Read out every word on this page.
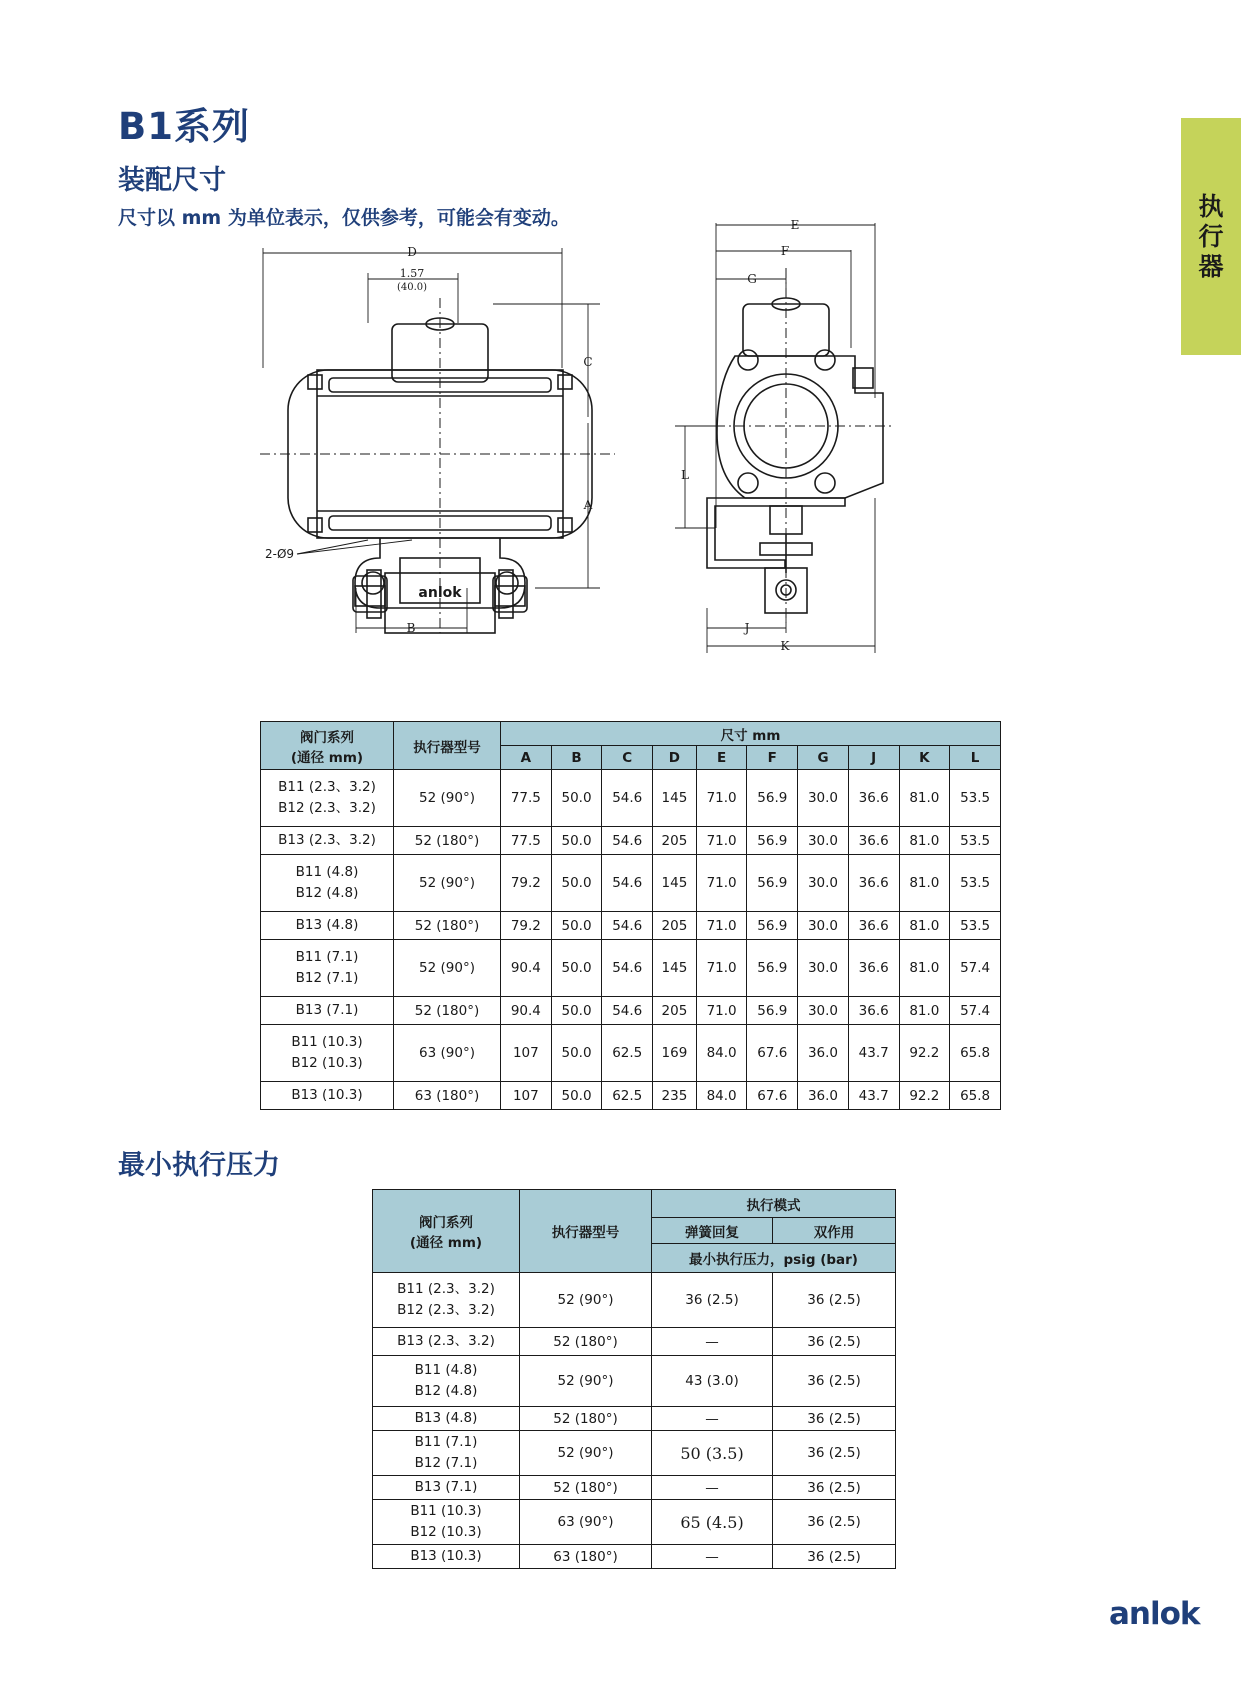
B1系列
装配尺寸
尺寸以 mm 为单位表示，仅供参考，可能会有变动。	执
行
器
D
1.57
(40.0)
C
A
B
E
F
G
L
J
K
2-Ø9
anlok
阀门系列
(通径 mm)	执行器型号	尺寸 mm									
		A	B	C	D	E	F	G	J	K	L

B11 (2.3、3.2)
B12 (2.3、3.2)	52 (90°)	77.5	50.0	54.6	145	71.0	56.9	30.0	36.6	81.0	53.5

B13 (2.3、3.2)	52 (180°)	77.5	50.0	54.6	205	71.0	56.9	30.0	36.6	81.0	53.5

B11 (4.8)
B12 (4.8)	52 (90°)	79.2	50.0	54.6	145	71.0	56.9	30.0	36.6	81.0	53.5

B13 (4.8)	52 (180°)	79.2	50.0	54.6	205	71.0	56.9	30.0	36.6	81.0	53.5

B11 (7.1)
B12 (7.1)	52 (90°)	90.4	50.0	54.6	145	71.0	56.9	30.0	36.6	81.0	57.4

B13 (7.1)	52 (180°)	90.4	50.0	54.6	205	71.0	56.9	30.0	36.6	81.0	57.4

B11 (10.3)
B12 (10.3)	63 (90°)	107	50.0	62.5	169	84.0	67.6	36.0	43.7	92.2	65.8

B13 (10.3)	63 (180°)	107	50.0	62.5	235	84.0	67.6	36.0	43.7	92.2	65.8
最小执行压力
阀门系列
(通径 mm)	执行器型号	执行模式	
		弹簧回复	双作用
		最小执行压力，psig (bar)	

B11 (2.3、3.2)
B12 (2.3、3.2)	52 (90°)	36 (2.5)	36 (2.5)

B13 (2.3、3.2)	52 (180°)	—	36 (2.5)

B11 (4.8)
B12 (4.8)	52 (90°)	43 (3.0)	36 (2.5)

B13 (4.8)	52 (180°)	—	36 (2.5)

B11 (7.1)
B12 (7.1)	52 (90°)	50 (3.5)	36 (2.5)

B13 (7.1)	52 (180°)	—	36 (2.5)

B11 (10.3)
B12 (10.3)	63 (90°)	65 (4.5)	36 (2.5)

B13 (10.3)	63 (180°)	—	36 (2.5)
anlok
